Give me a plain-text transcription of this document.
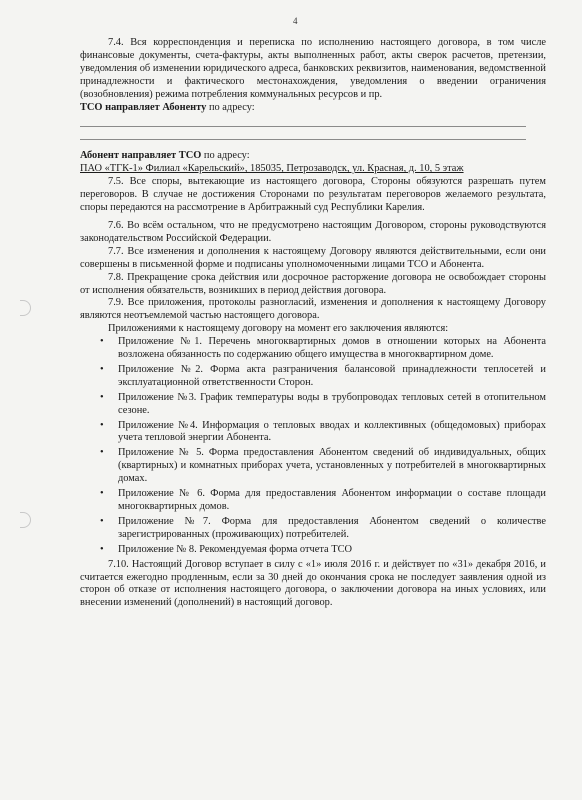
4

7.4. Вся корреспонденция и переписка по исполнению настоящего договора, в том числе финансовые документы, счета-фактуры, акты выполненных работ, акты сверок расчетов, претензии, уведомления об изменении юридического адреса, банковских реквизитов, наименования, ведомственной принадлежности и фактического местонахождения, уведомления о введении ограничения (возобновления) режима потребления коммунальных ресурсов и пр.

ТСО направляет Абоненту по адресу:

Абонент направляет ТСО по адресу:

ПАО «ТГК-1» Филиал «Карельский», 185035, Петрозаводск, ул. Красная, д. 10, 5 этаж

7.5. Все споры, вытекающие из настоящего договора, Стороны обязуются разрешать путем переговоров. В случае не достижения Сторонами по результатам переговоров желаемого результата, споры передаются на рассмотрение в Арбитражный суд Республики Карелия.

7.6. Во всём остальном, что не предусмотрено настоящим Договором, стороны руководствуются законодательством Российской Федерации.

7.7. Все изменения и дополнения к настоящему Договору являются действительными, если они совершены в письменной форме и подписаны уполномоченными лицами ТСО и Абонента.

7.8. Прекращение срока действия или досрочное расторжение договора не освобождает стороны от исполнения обязательств, возникших в период действия договора.

7.9. Все приложения, протоколы разногласий, изменения и дополнения к настоящему Договору являются неотъемлемой частью настоящего договора.

Приложениями к настоящему договору на момент его заключения являются:

• Приложение №1. Перечень многоквартирных домов в отношении которых на Абонента возложена обязанность по содержанию общего имущества в многоквартирном доме.
• Приложение №2. Форма акта разграничения балансовой принадлежности теплосетей и эксплуатационной ответственности Сторон.
• Приложение №3. График температуры воды в трубопроводах тепловых сетей в отопительном сезоне.
• Приложение №4. Информация о тепловых вводах и коллективных (общедомовых) приборах учета тепловой энергии Абонента.
• Приложение № 5. Форма предоставления Абонентом сведений об индивидуальных, общих (квартирных) и комнатных приборах учета, установленных у потребителей в многоквартирных домах.
• Приложение № 6. Форма для предоставления Абонентом информации о составе площади многоквартирных домов.
• Приложение №7. Форма для предоставления Абонентом сведений о количестве зарегистрированных (проживающих) потребителей.
• Приложение № 8. Рекомендуемая форма отчета ТСО

7.10. Настоящий Договор вступает в силу с «1» июля 2016 г. и действует по «31» декабря 2016, и считается ежегодно продленным, если за 30 дней до окончания срока не последует заявления одной из сторон об отказе от исполнения настоящего договора, о заключении договора на иных условиях, или внесении изменений (дополнений) в настоящий договор.
